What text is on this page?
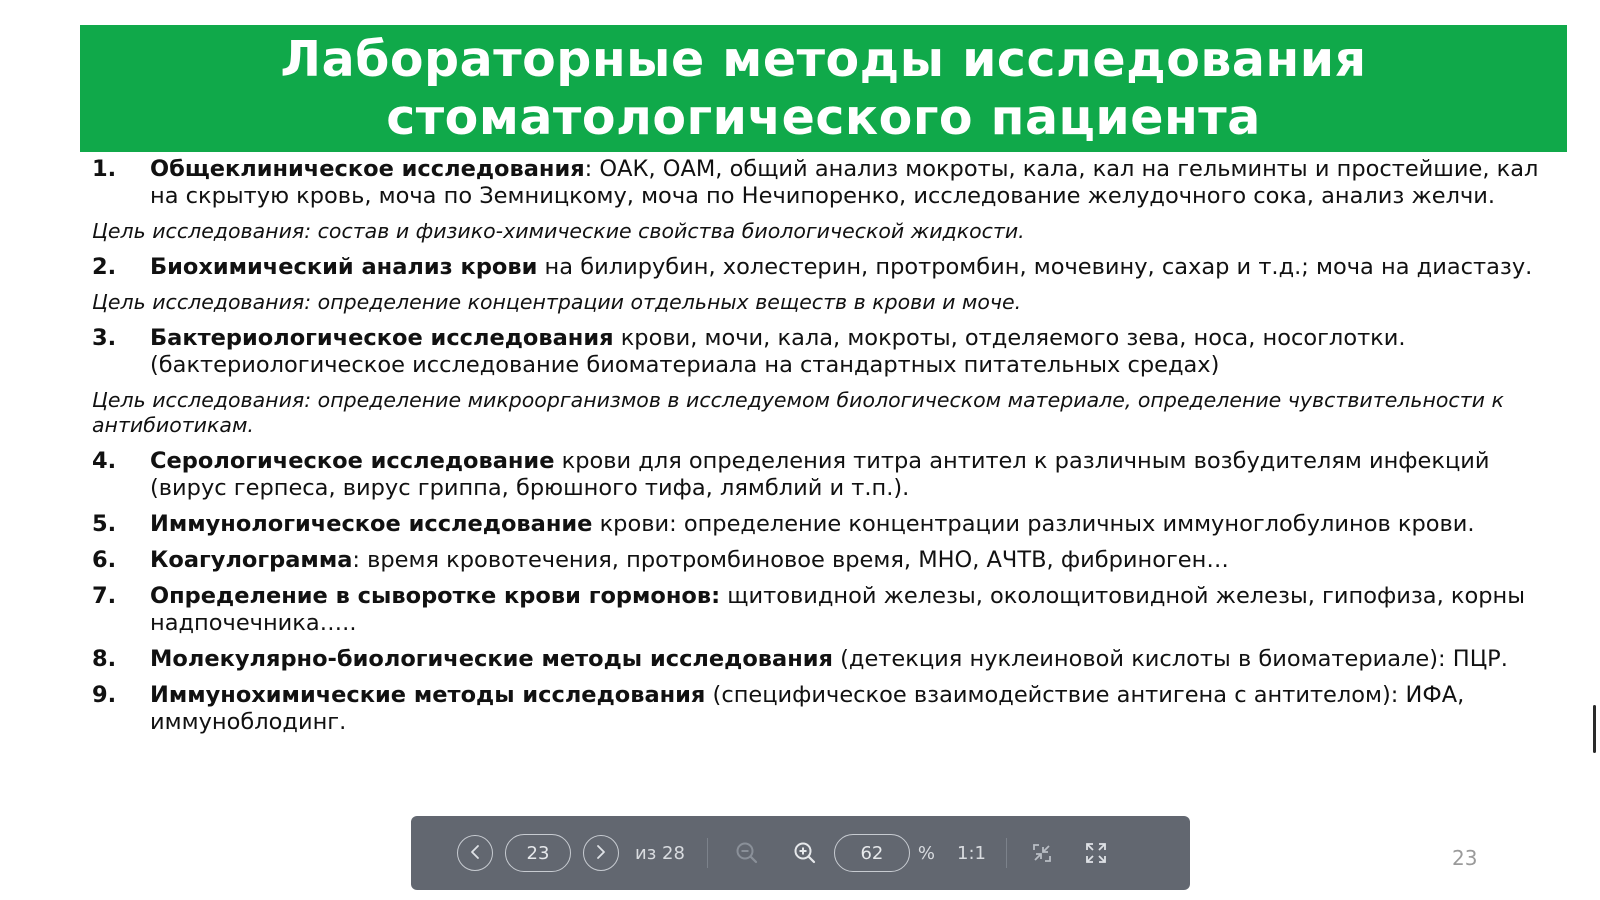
Лабораторные методы исследования
стоматологического пациента
1.	Общеклиническое исследования: ОАК, ОАМ, общий анализ мокроты, кала, кал на гельминты и простейшие, кал на скрытую кровь, моча по Земницкому, моча по Нечипоренко, исследование желудочного сока, анализ желчи.
Цель исследования: состав и физико-химические свойства биологической жидкости.
2.	Биохимический анализ крови на билирубин, холестерин, протромбин, мочевину, сахар и т.д.; моча на диастазу.
Цель исследования: определение концентрации отдельных веществ в крови и моче.
3.	Бактериологическое исследования крови, мочи, кала, мокроты, отделяемого зева, носа, носоглотки. (бактериологическое исследование биоматериала на стандартных питательных средах)
Цель исследования: определение микроорганизмов в исследуемом биологическом материале, определение чувствительности к антибиотикам.
4.	Серологическое исследование крови для определения титра антител к различным возбудителям инфекций (вирус герпеса, вирус гриппа, брюшного тифа, лямблий и т.п.).
5.	Иммунологическое исследование крови: определение концентрации различных иммуноглобулинов крови.
6.	Коагулограмма: время кровотечения, протромбиновое время, МНО, АЧТВ, фибриноген…
7.	Определение в сыворотке крови гормонов: щитовидной железы, околощитовидной железы, гипофиза, корны надпочечника…..
8.	Молекулярно-биологические методы исследования (детекция нуклеиновой кислоты в биоматериале): ПЦР.
9.	Иммунохимические методы исследования (специфическое взаимодействие антигена с антителом): ИФА, иммуноблодинг.
23
23
из 28
62	% 1:1
